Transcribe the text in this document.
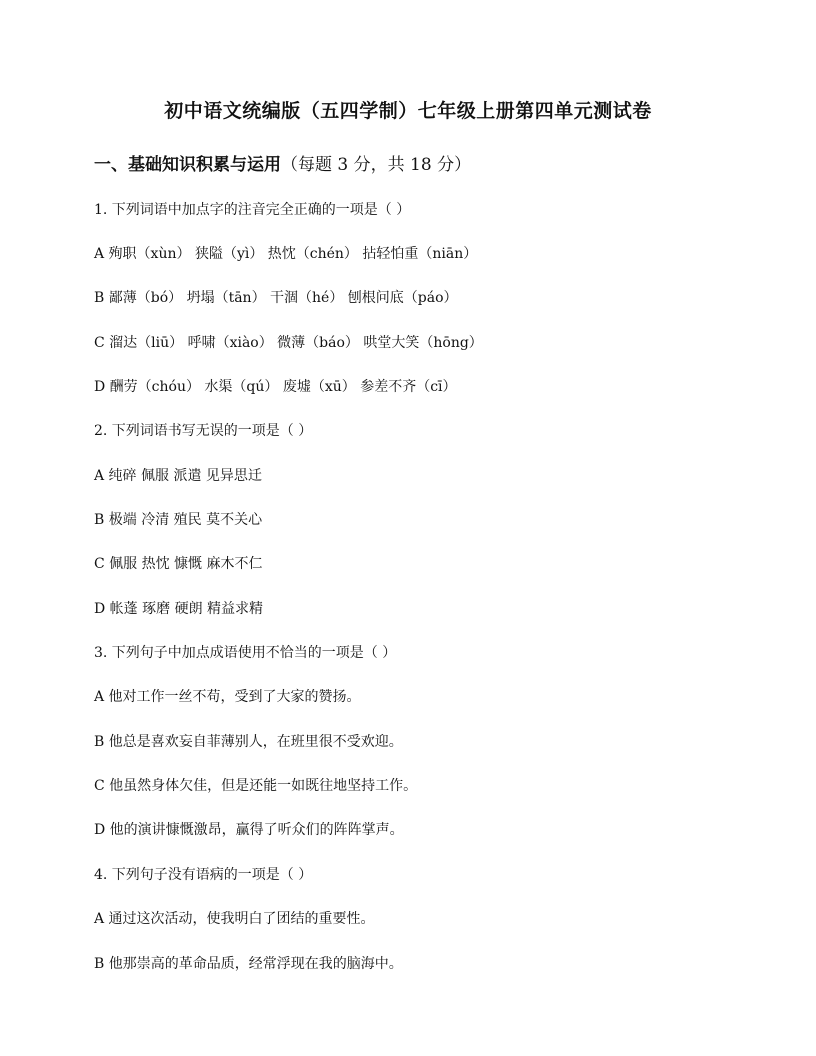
初中语文统编版（五四学制）七年级上册第四单元测试卷
一、基础知识积累与运用（每题 3 分，共 18 分）
1. 下列词语中加点字的注音完全正确的一项是（ ）
A 殉职（xùn） 狭隘（yì） 热忱（chén） 拈轻怕重（niān）
B 鄙薄（bó） 坍塌（tān） 干涸（hé） 刨根问底（páo）
C 溜达（liū） 呼啸（xiào） 微薄（báo） 哄堂大笑（hōng）
D 酬劳（chóu） 水渠（qú） 废墟（xū） 参差不齐（cī）
2. 下列词语书写无误的一项是（ ）
A 纯碎 佩服 派遣 见异思迁
B 极端 冷清 殖民 莫不关心
C 佩服 热忱 慷慨 麻木不仁
D 帐蓬 琢磨 硬朗 精益求精
3. 下列句子中加点成语使用不恰当的一项是（ ）
A 他对工作一丝不苟，受到了大家的赞扬。
B 他总是喜欢妄自菲薄别人，在班里很不受欢迎。
C 他虽然身体欠佳，但是还能一如既往地坚持工作。
D 他的演讲慷慨激昂，赢得了听众们的阵阵掌声。
4. 下列句子没有语病的一项是（ ）
A 通过这次活动，使我明白了团结的重要性。
B 他那崇高的革命品质，经常浮现在我的脑海中。
